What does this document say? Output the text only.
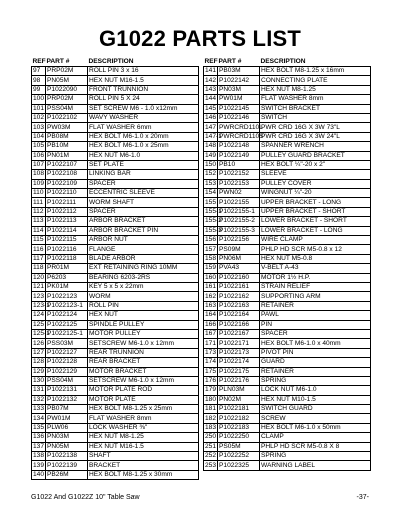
G1022 PARTS LIST
REF	PART #	DESCRIPTION
97	PRP02M	ROLL PIN 3 x 16
98	PN05M	HEX NUT M16-1.5
99	P1022090	FRONT TRUNNION
100	PRP02M	ROLL PIN 5 X 24
101	PSS04M	SET SCREW M6 - 1.0 x12mm
102	P1022102	WAVY WASHER
103	PW03M	FLAT WASHER 6mm
104	PB08M	HEX BOLT M6-1.0 x 20mm
105	PB10M	HEX BOLT M6-1.0 x 25mm
106	PN01M	HEX NUT M6-1.0
107	P1022107	SET PLATE
108	P1022108	LINKING BAR
109	P1022109	SPACER
110	P1022110	ECCENTRIC SLEEVE
111	P1022111	WORM SHAFT
112	P1022112	SPACER
113	P1022113	ARBOR BRACKET
114	P1022114	ARBOR BRACKET PIN
115	P1022115	ARBOR NUT
116	P1022116	FLANGE
117	P1022118	BLADE ARBOR
118	PR01M	EXT RETAINING RING 10MM
120	P6203	BEARING 6203-2RS
121	PK01M	KEY 5 x 5 x 22mm
123	P1022123	WORM
123-1	P1022123-1	ROLL PIN
124	P1022124	HEX NUT
125	P1022125	SPINDLE PULLEY
125-1	P1022125-1	MOTOR PULLEY
126	PSS03M	SETSCREW M6-1.0 x 12mm
127	P1022127	REAR TRUNNION
128	P1022128	REAR BRACKET
129	P1022129	MOTOR BRACKET
130	PSS04M	SETSCREW M6-1.0 x 12mm
131	P1022131	MOTOR PLATE ROD
132	P1022132	MOTOR PLATE
133	PB07M	HEX BOLT M8-1.25 x 25mm
134	PW01M	FLAT WASHER 8mm
135	PLW06	LOCK WASHER ⅜"
136	PN03M	HEX NUT M8-1.25
137	PN05M	HEX NUT M16-1.5
138	P1022138	SHAFT
139	P1022139	BRACKET
140	PB26M	HEX BOLT M8-1.25 x 30mm
REF	PART #	DESCRIPTION
141	PB03M	HEX BOLT M8-1.25 x 16mm
142	P1022142	CONNECTING PLATE
143	PN03M	HEX NUT M8-1.25
144	PW01M	FLAT WASHER 8mm
145	P1022145	SWITCH BRACKET
146	P1022146	SWITCH
147	PWRCRD110L	PWR CRD 16G X 3W 73"L
147-1	PWRCRD110S	PWR CRD 16G X 3W 24"L
148	P1022148	SPANNER WRENCH
149	P1022149	PULLEY GUARD BRACKET
150	PB10	HEX BOLT ¼"-20 x 2"
152	P1022152	SLEEVE
153	P1022153	PULLEY COVER
154	PWN02	WINGNUT ¼"-20
155	P1022155	UPPER BRACKET - LONG
155-1	P1022155-1	UPPER BRACKET - SHORT
155-2	P1022155-2	LOWER BRACKET - SHORT
155-3	P1022155-3	LOWER BRACKET - LONG
156	P1022156	WIRE CLAMP
157	PS09M	PHLP HD SCR M5-0.8 x 12
158	PN06M	HEX NUT M5-0.8
159	PVA43	V-BELT A-43
160	P1022160	MOTOR 1½ H.P.
161	P1022161	STRAIN RELIEF
162	P1022162	SUPPORTING ARM
163	P1022163	RETAINER
164	P1022164	PAWL
166	P1022166	PIN
167	P1022167	SPACER
171	P1022171	HEX BOLT M6-1.0 x 40mm
173	P1022173	PIVOT PIN
174	P1022174	GUARD
175	P1022175	RETAINER
176	P1022176	SPRING
179	PLN03M	LOCK NUT M6-1.0
180	PN02M	HEX NUT M10-1.5
181	P1022181	SWITCH GUARD
182	P1022182	SCREW
183	P1022183	HEX BOLT M6-1.0 x 50mm
250	P1022250	CLAMP
251	PS05M	PHLP HD SCR M5-0.8 X 8
252	P1022252	SPRING
253	P1022325	WARNING LABEL
G1022 And G1022Z 10" Table Saw	-37-
